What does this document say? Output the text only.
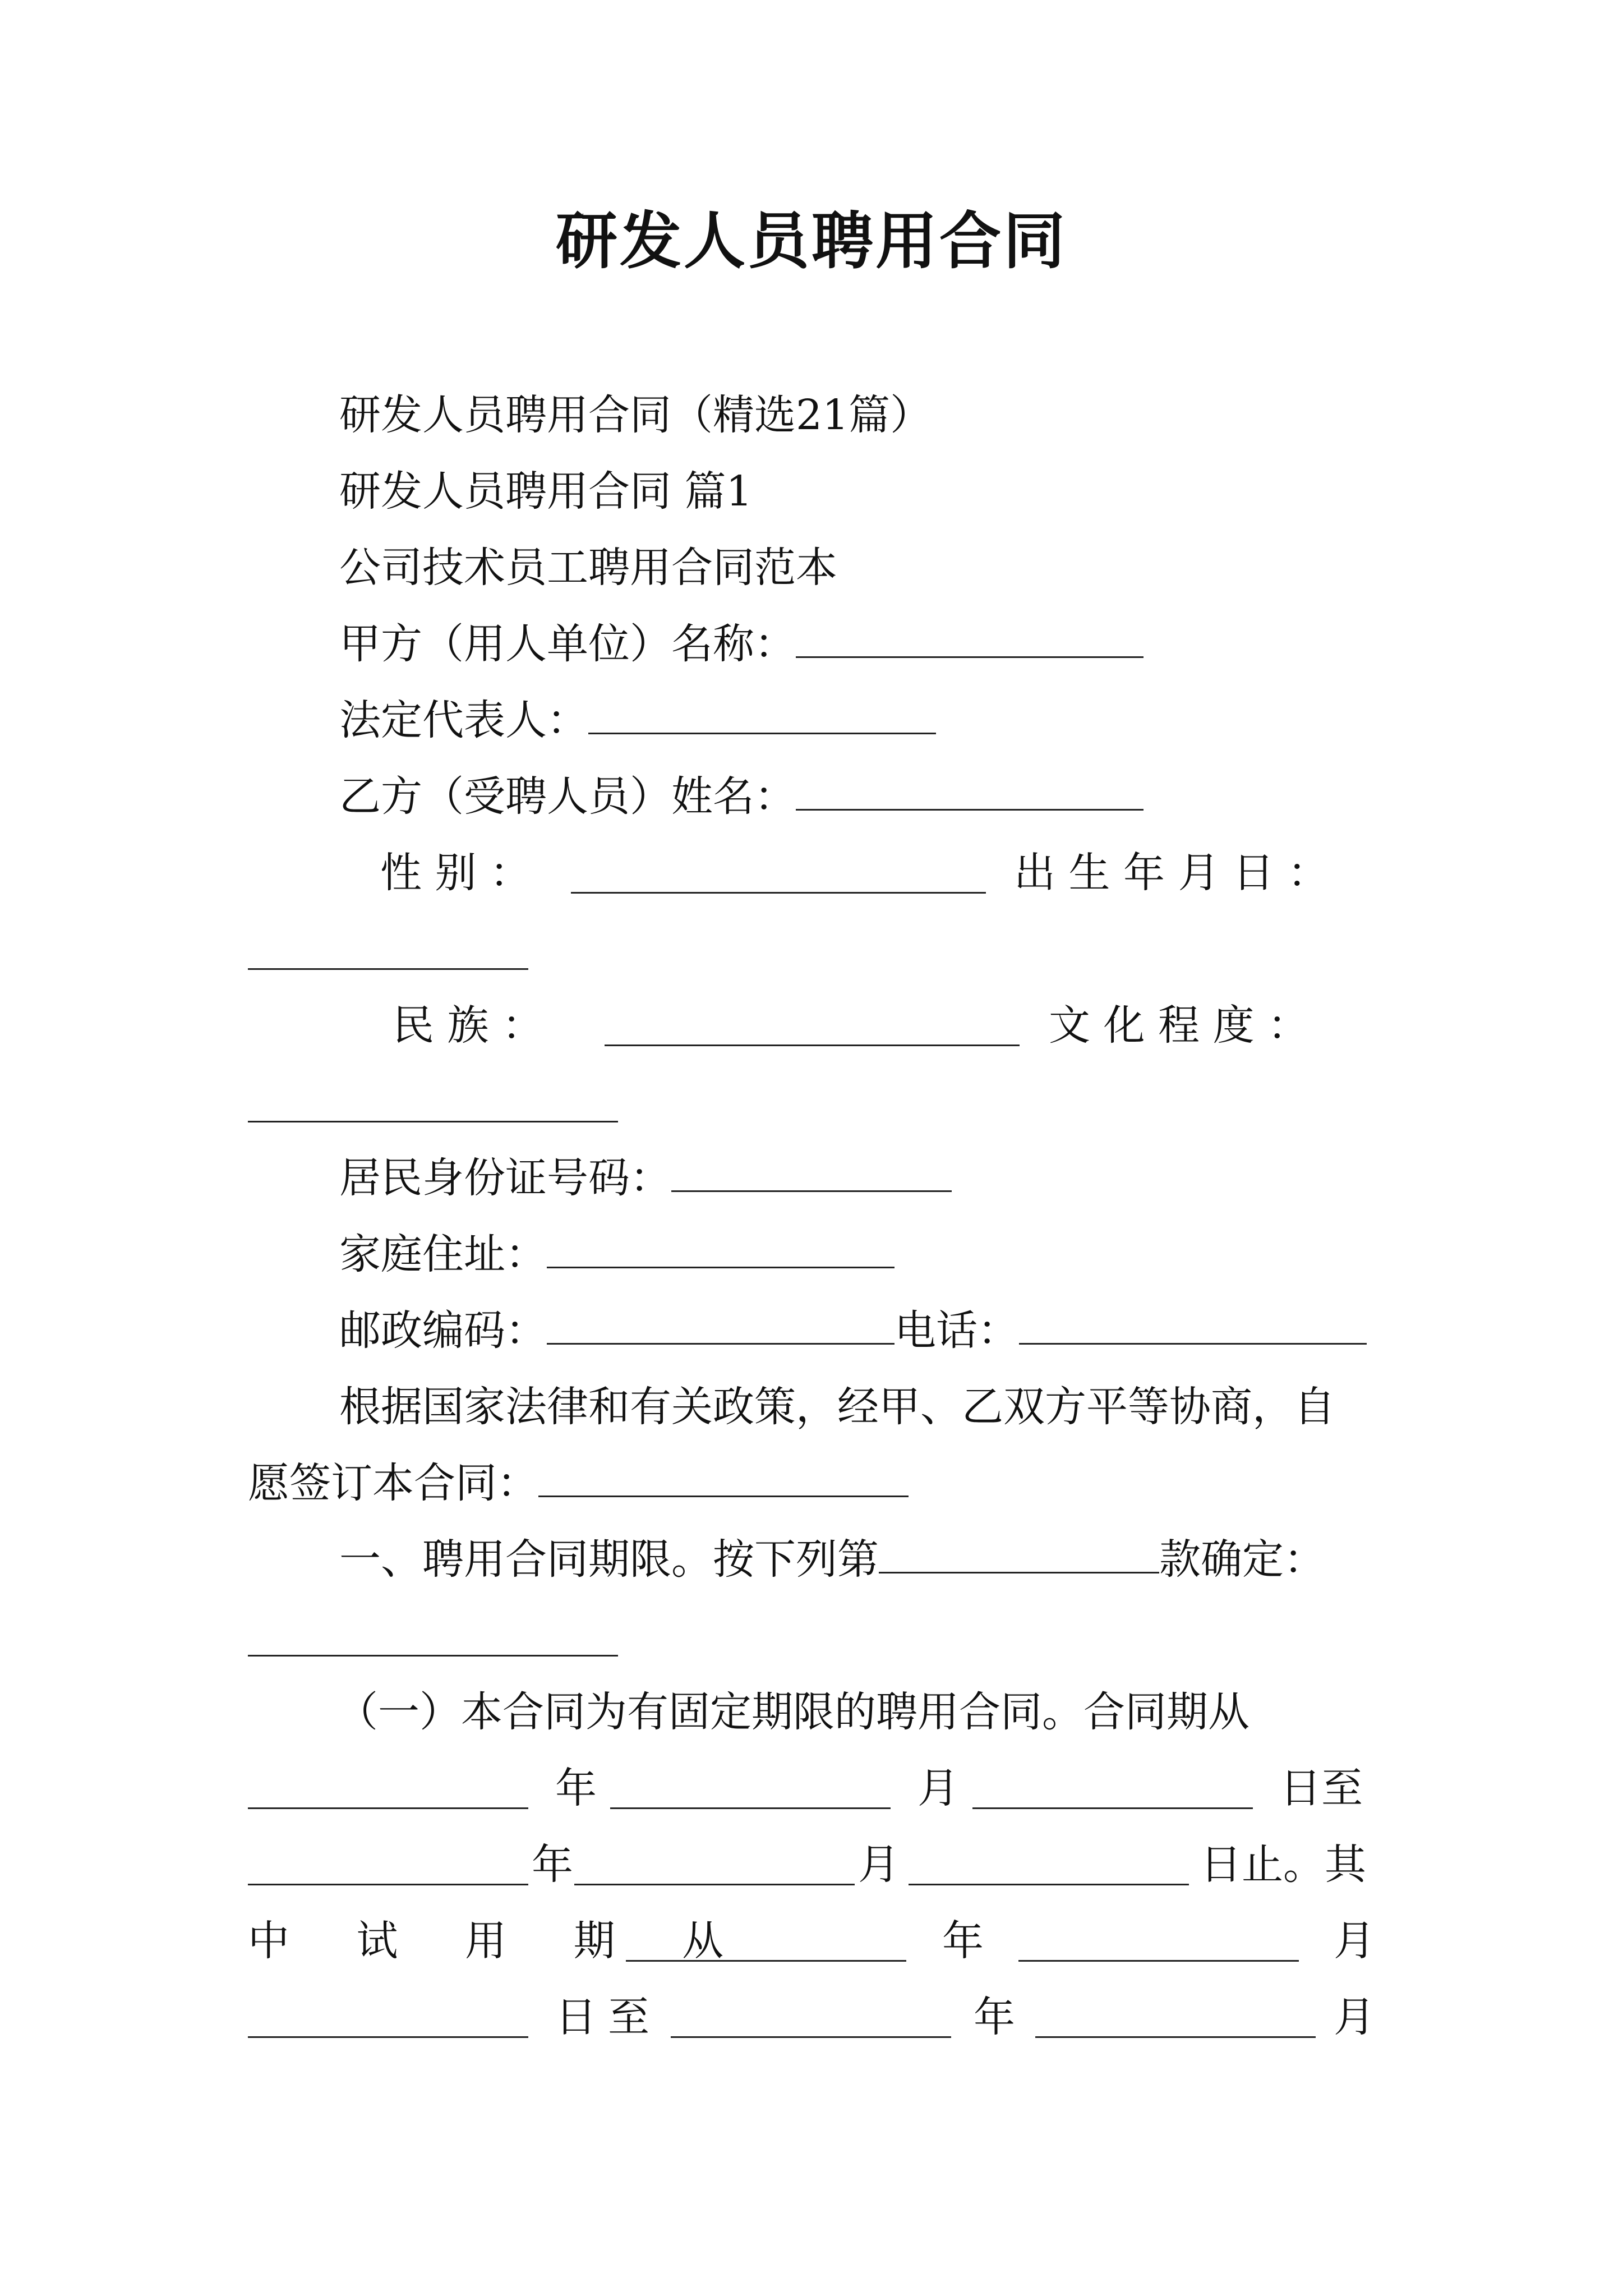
研发人员聘用合同
研发人员聘用合同（精选21篇）
研发人员聘用合同 篇1
公司技术员工聘用合同范本
甲方（用人单位）名称：
法定代表人：
乙方（受聘人员）姓名：
性 别 ：	出 生 年 月 日 ：
民 族 ：	文 化 程 度 ：
居民身份证号码：
家庭住址：
邮政编码：	电话：
根据国家法律和有关政策，经甲、乙双方平等协商，自
愿签订本合同：
一、聘用合同期限。按下列第	款确定：
（一）本合同为有固定期限的聘用合同。合同期从
年	月	日至
年	月	日止。其
中 试 用 期 从	年	月
日至	年	月
